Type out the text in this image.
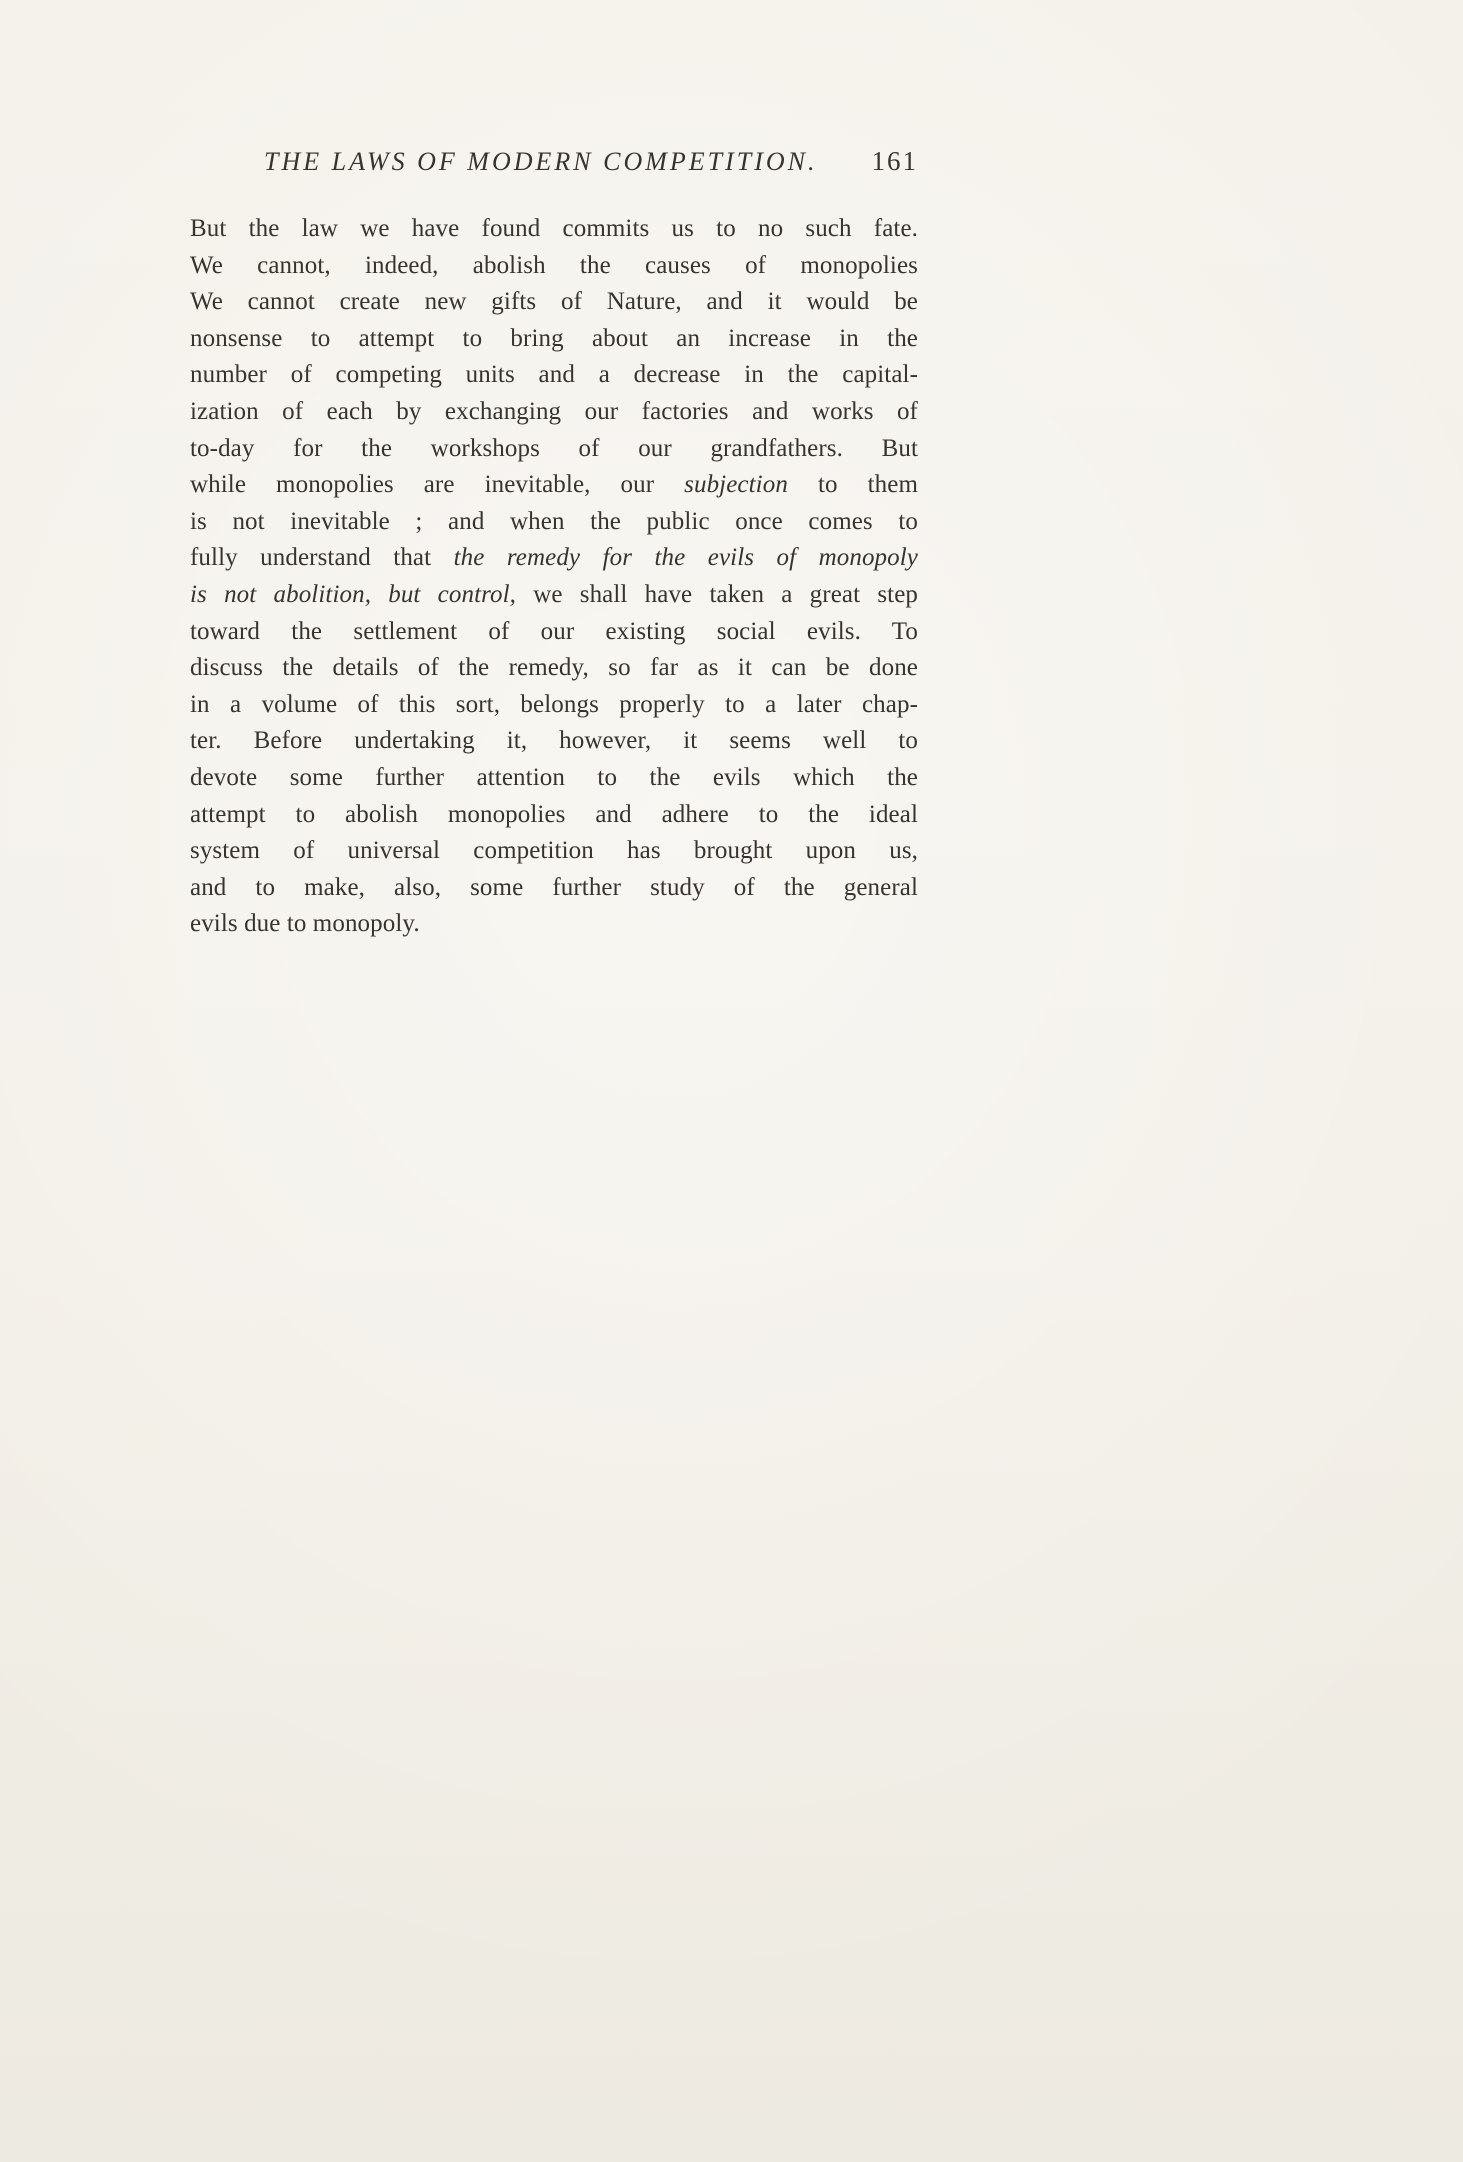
THE LAWS OF MODERN COMPETITION. 161
But the law we have found commits us to no such fate.
We cannot, indeed, abolish the causes of monopolies
We cannot create new gifts of Nature, and it would be
nonsense to attempt to bring about an increase in the
number of competing units and a decrease in the capital-
ization of each by exchanging our factories and works of
to-day for the workshops of our grandfathers. But
while monopolies are inevitable, our subjection to them
is not inevitable ; and when the public once comes to
fully understand that the remedy for the evils of monopoly
is not abolition, but control, we shall have taken a great step
toward the settlement of our existing social evils. To
discuss the details of the remedy, so far as it can be done
in a volume of this sort, belongs properly to a later chap-
ter. Before undertaking it, however, it seems well to
devote some further attention to the evils which the
attempt to abolish monopolies and adhere to the ideal
system of universal competition has brought upon us,
and to make, also, some further study of the general
evils due to monopoly.
